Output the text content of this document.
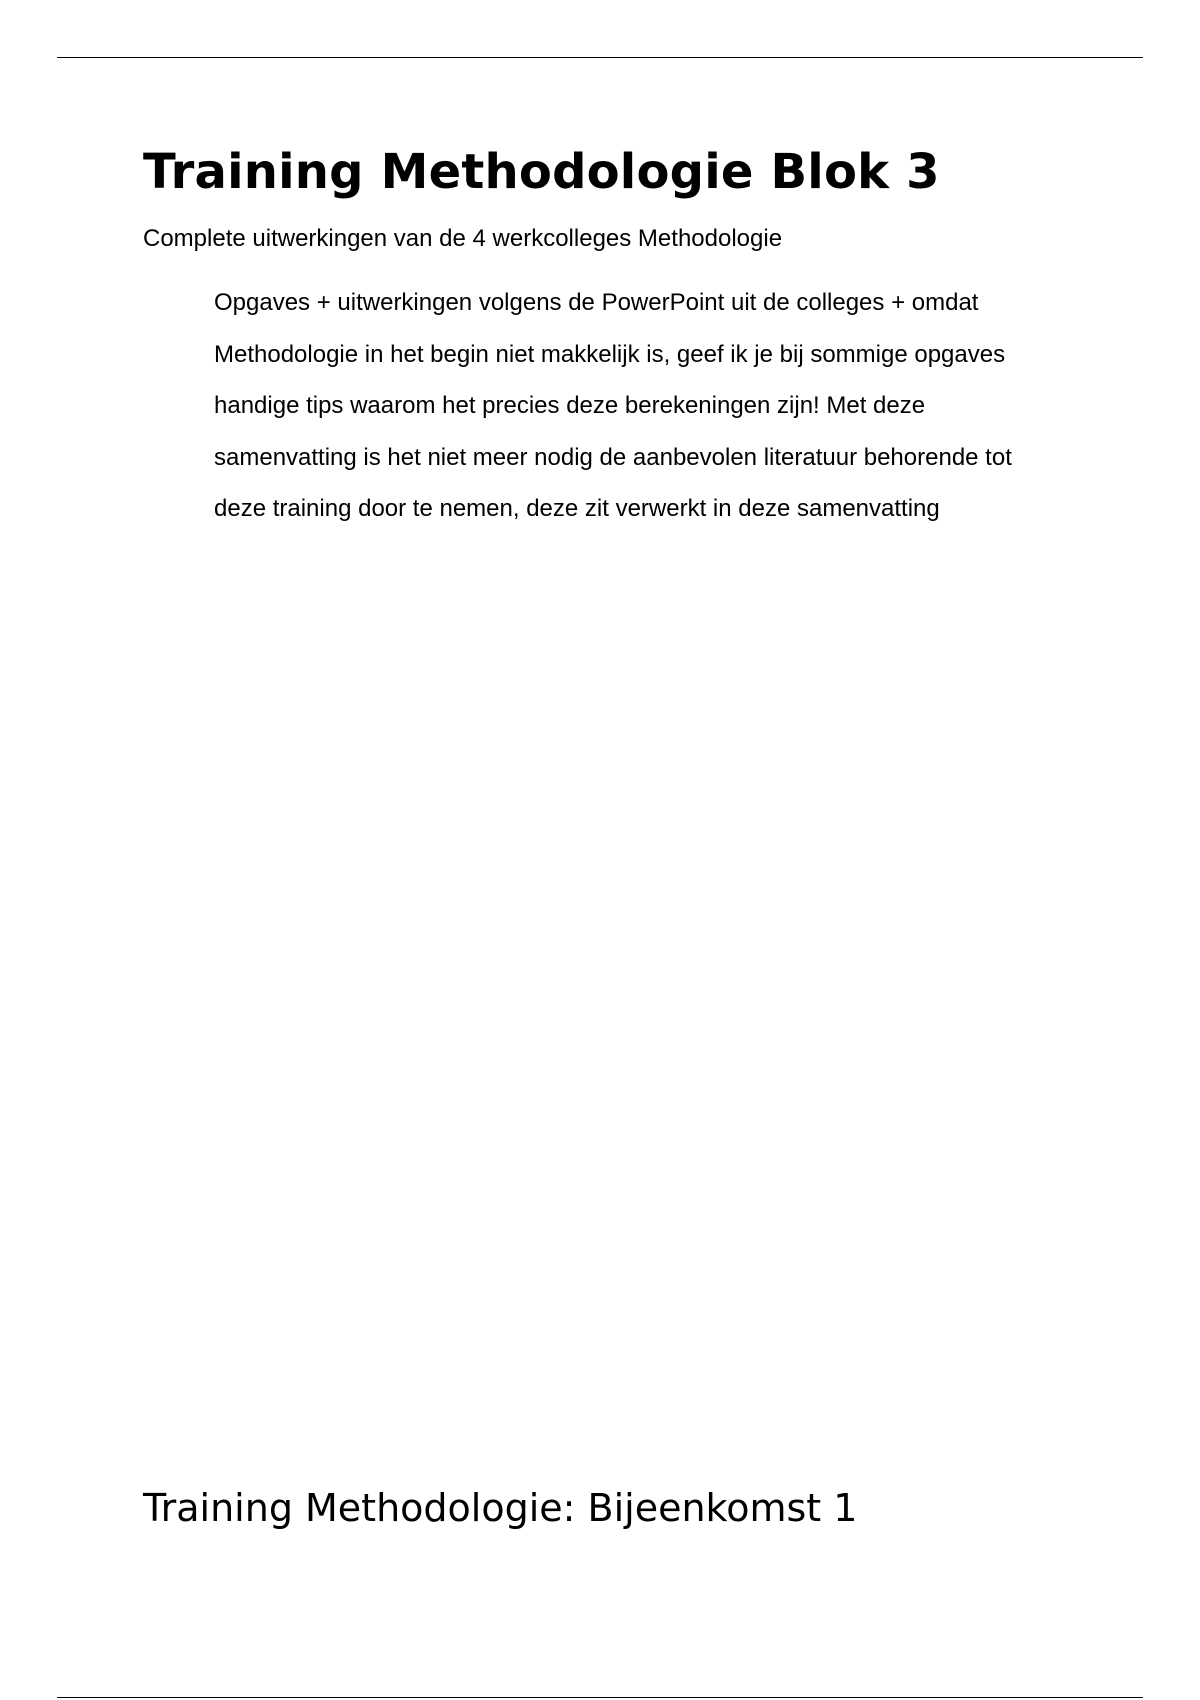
Training Methodologie Blok 3

Complete uitwerkingen van de 4 werkcolleges Methodologie

Opgaves + uitwerkingen volgens de PowerPoint uit de colleges + omdat Methodologie in het begin niet makkelijk is, geef ik je bij sommige opgaves handige tips waarom het precies deze berekeningen zijn! Met deze samenvatting is het niet meer nodig de aanbevolen literatuur behorende tot deze training door te nemen, deze zit verwerkt in deze samenvatting

Training Methodologie: Bijeenkomst 1
